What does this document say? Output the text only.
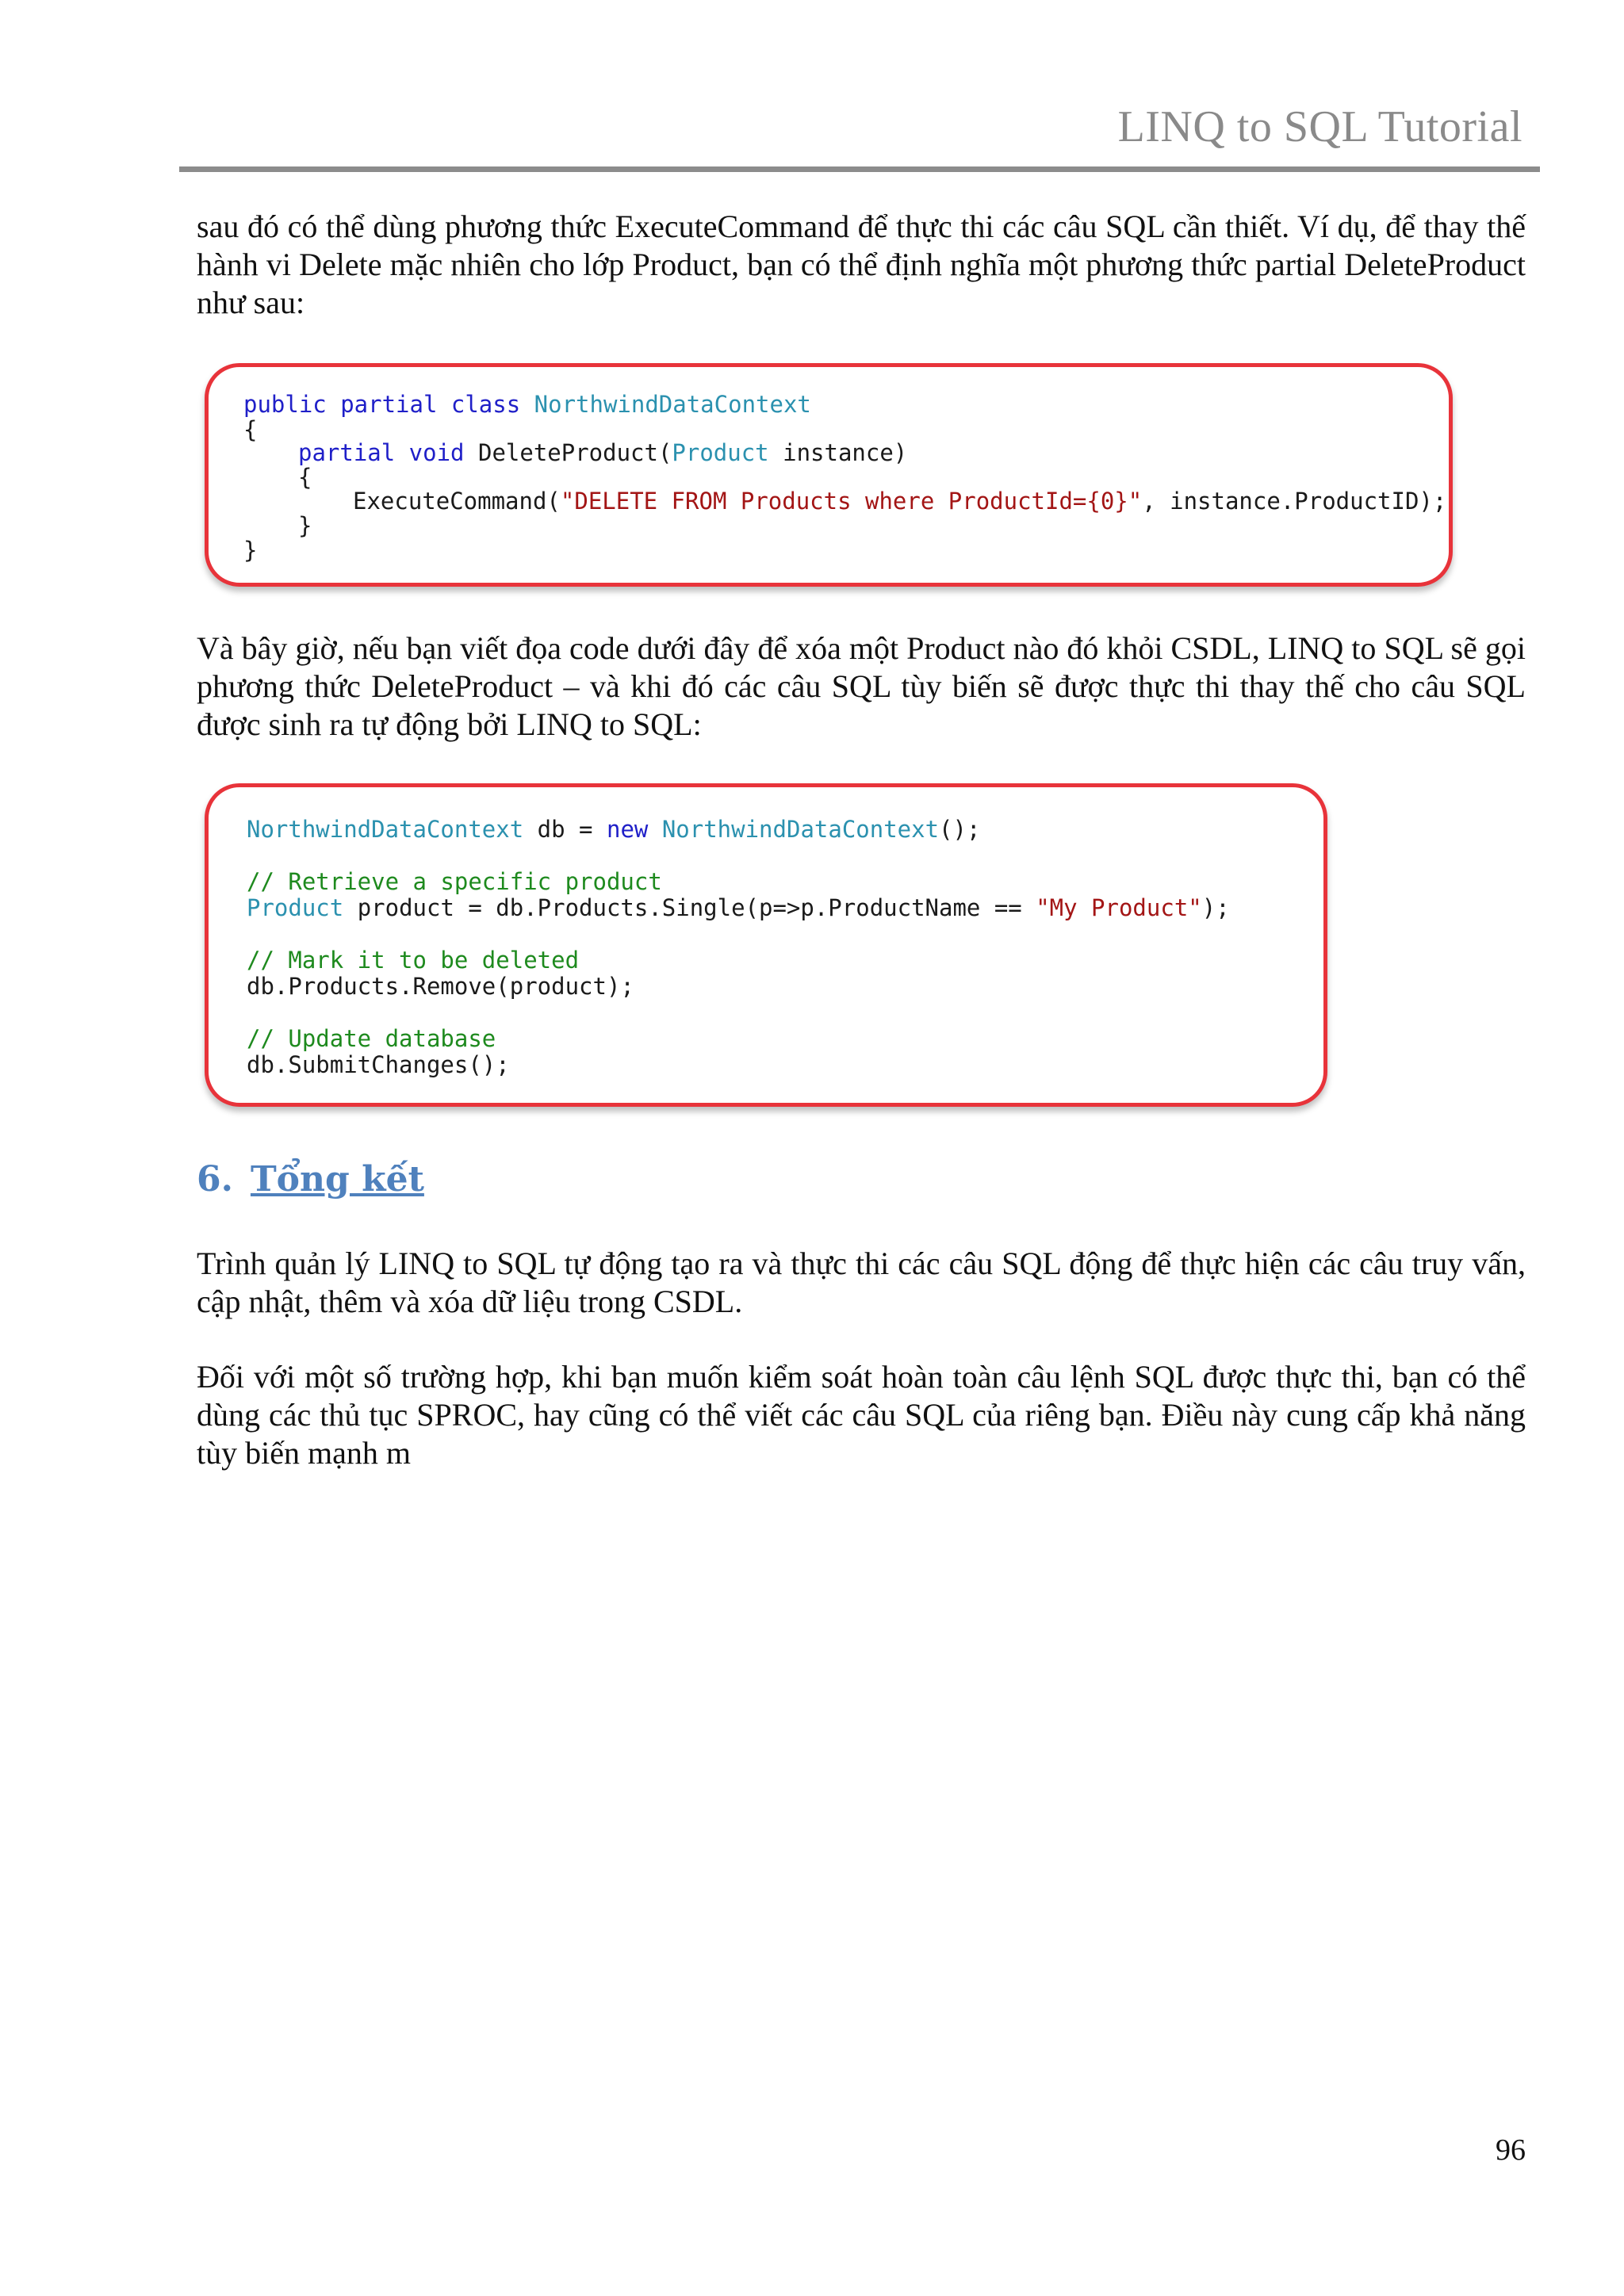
LINQ to SQL Tutorial

sau đó có thể dùng phương thức ExecuteCommand để thực thi các câu SQL cần thiết. Ví dụ, để thay thế hành vi Delete mặc nhiên cho lớp Product, bạn có thể định nghĩa một phương thức partial DeleteProduct như sau:

public partial class NorthwindDataContext
{
partial void DeleteProduct(Product instance)
{
ExecuteCommand("DELETE FROM Products where ProductId={0}", instance.ProductID);
}
}

Và bây giờ, nếu bạn viết đọa code dưới đây để xóa một Product nào đó khỏi CSDL, LINQ to SQL sẽ gọi phương thức DeleteProduct – và khi đó các câu SQL tùy biến sẽ được thực thi thay thế cho câu SQL được sinh ra tự động bởi LINQ to SQL:

NorthwindDataContext db = new NorthwindDataContext();
// Retrieve a specific product
Product product = db.Products.Single(p=>p.ProductName == "My Product");
// Mark it to be deleted
db.Products.Remove(product);
// Update database
db.SubmitChanges();
6. Tổng kết

Trình quản lý LINQ to SQL tự động tạo ra và thực thi các câu SQL động để thực hiện các câu truy vấn, cập nhật, thêm và xóa dữ liệu trong CSDL.

Đối với một số trường hợp, khi bạn muốn kiểm soát hoàn toàn câu lệnh SQL được thực thi, bạn có thể dùng các thủ tục SPROC, hay cũng có thể viết các câu SQL của riêng bạn. Điều này cung cấp khả năng tùy biến mạnh m

96
